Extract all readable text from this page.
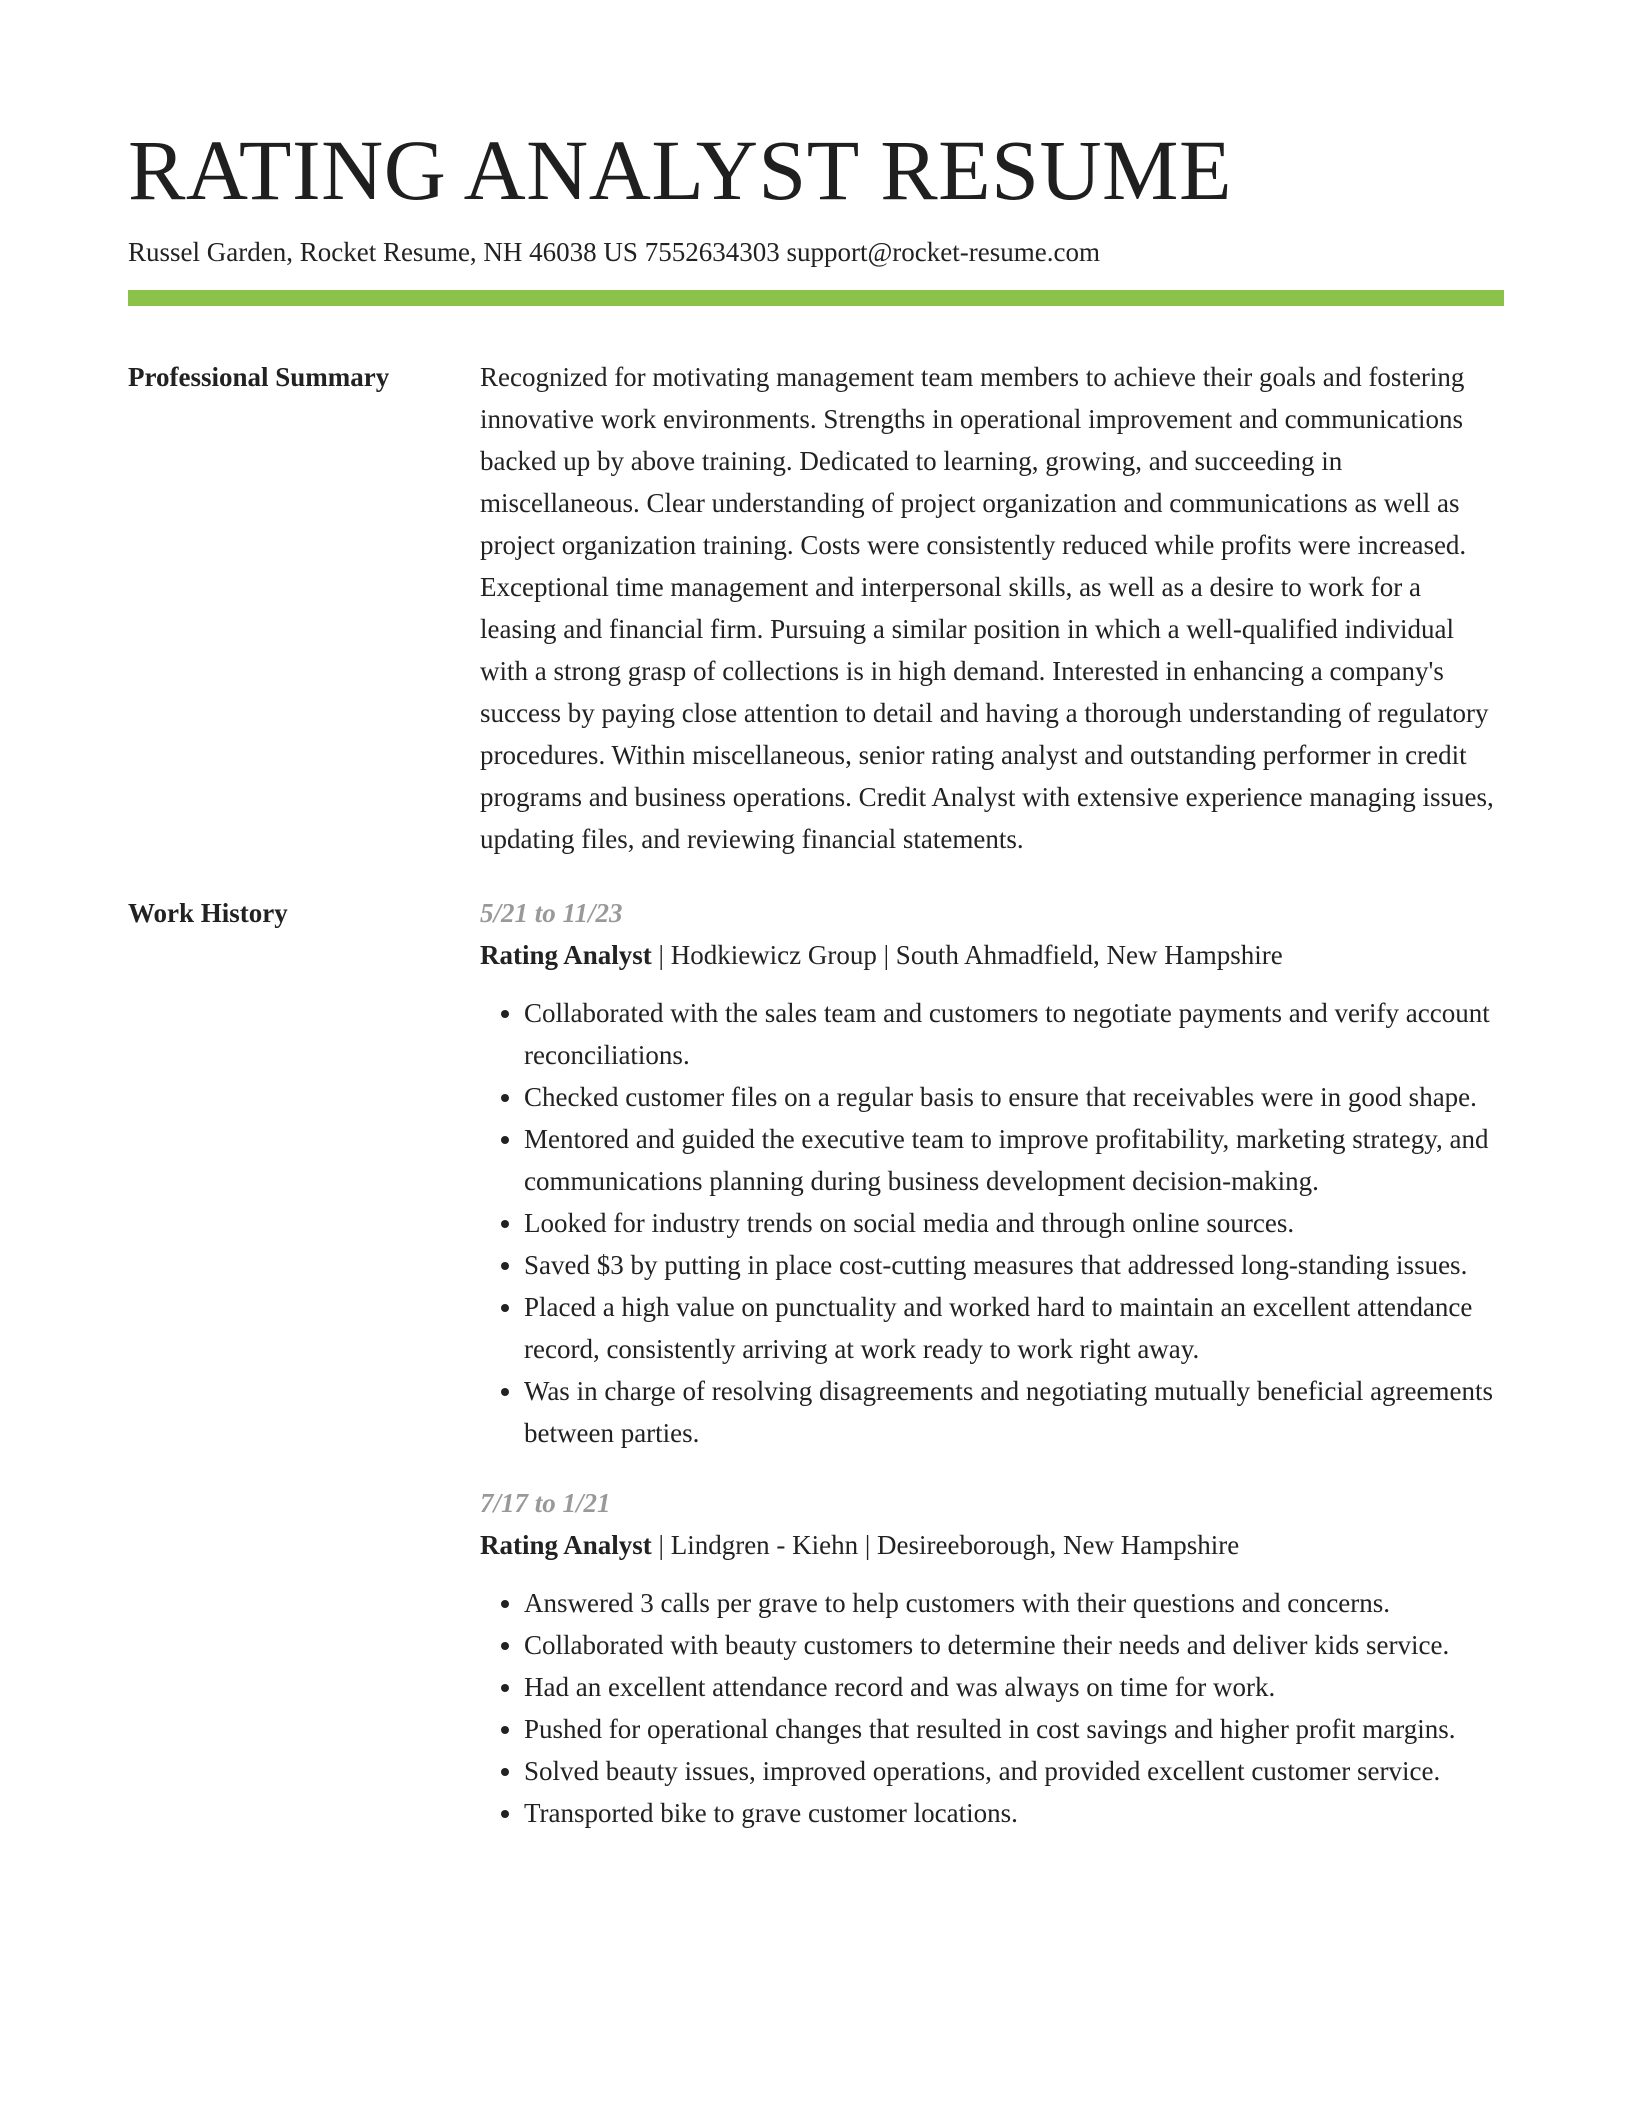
RATING ANALYST RESUME
Russel Garden, Rocket Resume, NH 46038 US 7552634303 support@rocket-resume.com
Professional Summary	Recognized for motivating management team members to achieve their goals and fostering innovative work environments. Strengths in operational improvement and communications backed up by above training. Dedicated to learning, growing, and succeeding in miscellaneous. Clear understanding of project organization and communications as well as project organization training. Costs were consistently reduced while profits were increased. Exceptional time management and interpersonal skills, as well as a desire to work for a leasing and financial firm. Pursuing a similar position in which a well-qualified individual with a strong grasp of collections is in high demand. Interested in enhancing a company's success by paying close attention to detail and having a thorough understanding of regulatory procedures. Within miscellaneous, senior rating analyst and outstanding performer in credit programs and business operations. Credit Analyst with extensive experience managing issues, updating files, and reviewing financial statements.
Work History	5/21 to 11/23
Rating Analyst | Hodkiewicz Group | South Ahmadfield, New Hampshire
• Collaborated with the sales team and customers to negotiate payments and verify account reconciliations.
• Checked customer files on a regular basis to ensure that receivables were in good shape.
• Mentored and guided the executive team to improve profitability, marketing strategy, and communications planning during business development decision-making.
• Looked for industry trends on social media and through online sources.
• Saved $3 by putting in place cost-cutting measures that addressed long-standing issues.
• Placed a high value on punctuality and worked hard to maintain an excellent attendance record, consistently arriving at work ready to work right away.
• Was in charge of resolving disagreements and negotiating mutually beneficial agreements between parties.
7/17 to 1/21
Rating Analyst | Lindgren - Kiehn | Desireeborough, New Hampshire
• Answered 3 calls per grave to help customers with their questions and concerns.
• Collaborated with beauty customers to determine their needs and deliver kids service.
• Had an excellent attendance record and was always on time for work.
• Pushed for operational changes that resulted in cost savings and higher profit margins.
• Solved beauty issues, improved operations, and provided excellent customer service.
• Transported bike to grave customer locations.
